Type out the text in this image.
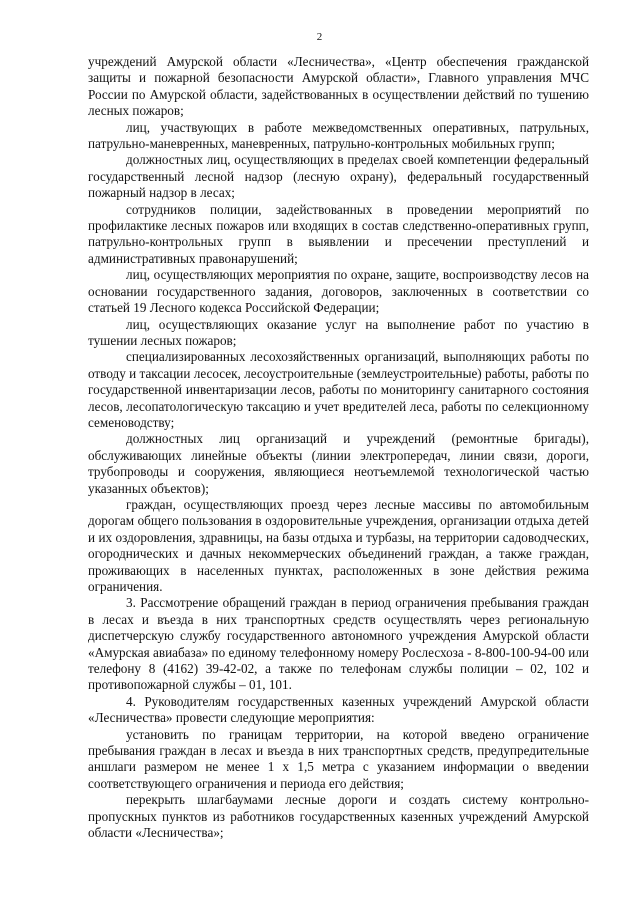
2

учреждений Амурской области «Лесничества», «Центр обеспечения гражданской защиты и пожарной безопасности Амурской области», Главного управления МЧС России по Амурской области, задействованных в осуществлении действий по тушению лесных пожаров;

лиц, участвующих в работе межведомственных оперативных, патрульных, патрульно-маневренных, маневренных, патрульно-контрольных мобильных групп;

должностных лиц, осуществляющих в пределах своей компетенции федеральный государственный лесной надзор (лесную охрану), федеральный государственный пожарный надзор в лесах;

сотрудников полиции, задействованных в проведении мероприятий по профилактике лесных пожаров или входящих в состав следственно-оперативных групп, патрульно-контрольных групп в выявлении и пресечении преступлений и административных правонарушений;

лиц, осуществляющих мероприятия по охране, защите, воспроизводству лесов на основании государственного задания, договоров, заключенных в соответствии со статьей 19 Лесного кодекса Российской Федерации;

лиц, осуществляющих оказание услуг на выполнение работ по участию в тушении лесных пожаров;

специализированных лесохозяйственных организаций, выполняющих работы по отводу и таксации лесосек, лесоустроительные (землеустроительные) работы, работы по государственной инвентаризации лесов, работы по мониторингу санитарного состояния лесов, лесопатологическую таксацию и учет вредителей леса, работы по селекционному семеноводству;

должностных лиц организаций и учреждений (ремонтные бригады), обслуживающих линейные объекты (линии электропередач, линии связи, дороги, трубопроводы и сооружения, являющиеся неотъемлемой технологической частью указанных объектов);

граждан, осуществляющих проезд через лесные массивы по автомобильным дорогам общего пользования в оздоровительные учреждения, организации отдыха детей и их оздоровления, здравницы, на базы отдыха и турбазы, на территории садоводческих, огороднических и дачных некоммерческих объединений граждан, а также граждан, проживающих в населенных пунктах, расположенных в зоне действия режима ограничения.

3. Рассмотрение обращений граждан в период ограничения пребывания граждан в лесах и въезда в них транспортных средств осуществлять через региональную диспетчерскую службу государственного автономного учреждения Амурской области «Амурская авиабаза» по единому телефонному номеру Рослесхоза - 8-800-100-94-00 или телефону 8 (4162) 39-42-02, а также по телефонам службы полиции – 02, 102 и противопожарной службы – 01, 101.

4. Руководителям государственных казенных учреждений Амурской области «Лесничества» провести следующие мероприятия:

установить по границам территории, на которой введено ограничение пребывания граждан в лесах и въезда в них транспортных средств, предупредительные аншлаги размером не менее 1 х 1,5 метра с указанием информации о введении соответствующего ограничения и периода его действия;

перекрыть шлагбаумами лесные дороги и создать систему контрольно-пропускных пунктов из работников государственных казенных учреждений Амурской области «Лесничества»;
